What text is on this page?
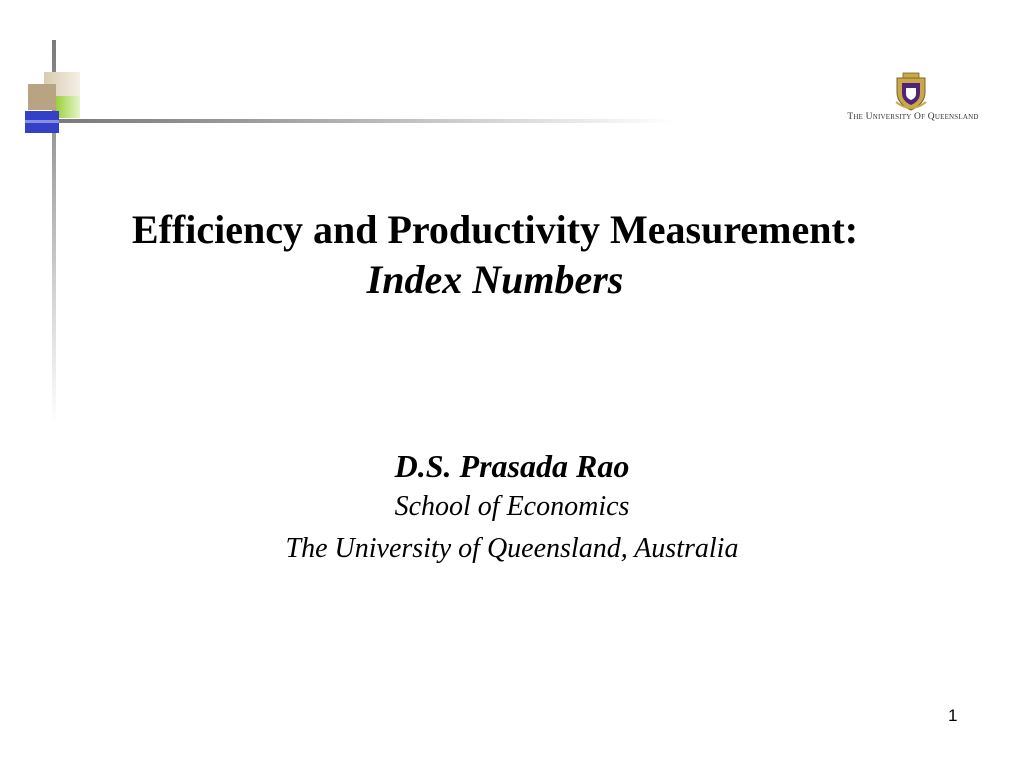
The University Of Queensland
Efficiency and Productivity Measurement:
Index Numbers
D.S. Prasada Rao
School of Economics
The University of Queensland, Australia
1
